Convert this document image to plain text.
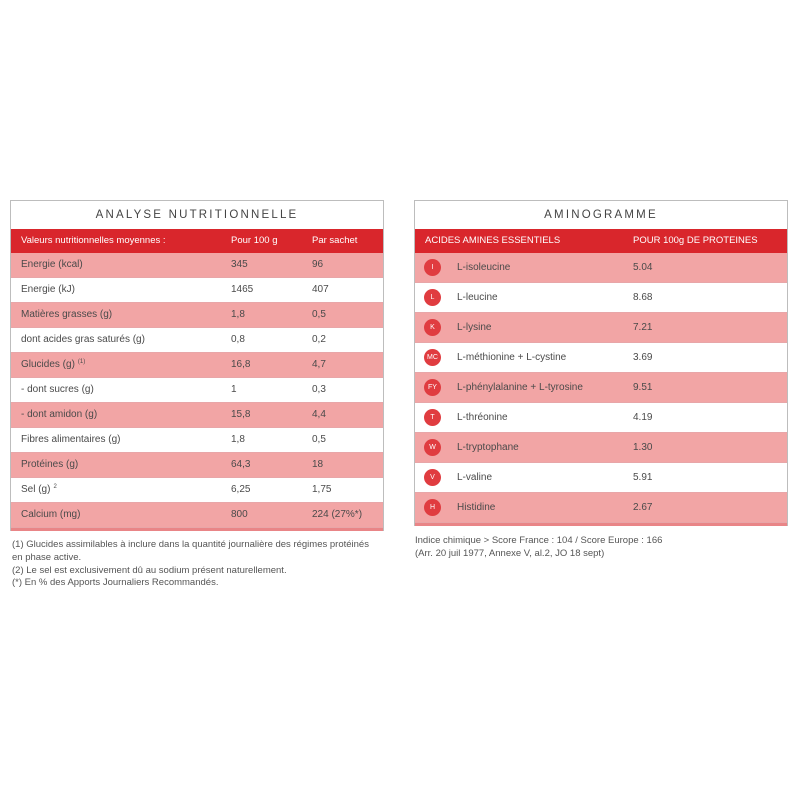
ANALYSE NUTRITIONNELLE
Valeurs nutritionnelles moyennes :	Pour 100 g	Par sachet
Energie (kcal)	345	96
Energie (kJ)	1465	407
Matières grasses (g)	1,8	0,5
dont acides gras saturés (g)	0,8	0,2
Glucides (g) $^{(1)}$	16,8	4,7
- dont sucres (g)	1	0,3
- dont amidon (g)	15,8	4,4
Fibres alimentaires (g)	1,8	0,5
Protéines (g)	64,3	18
Sel (g) $^2$	6,25	1,75
Calcium (mg)	800	224 (27%*)

(1) Glucides assimilables à inclure dans la quantité journalière des régimes protéinés en phase active.

(2) Le sel est exclusivement dû au sodium présent naturellement.

(*) En % des Apports Journaliers Recommandés.

AMINOGRAMME
ACIDES AMINES ESSENTIELS	POUR 100g DE PROTEINES
I	L-isoleucine	5.04
L	L-leucine	8.68
K	L-lysine	7.21
MC	L-méthionine + L-cystine	3.69
FY	L-phénylalanine + L-tyrosine	9.51
T	L-thréonine	4.19
W	L-tryptophane	1.30
V	L-valine	5.91
H	Histidine	2.67

Indice chimique > Score France : 104 / Score Europe : 166

(Arr. 20 juil 1977, Annexe V, al.2, JO 18 sept)
